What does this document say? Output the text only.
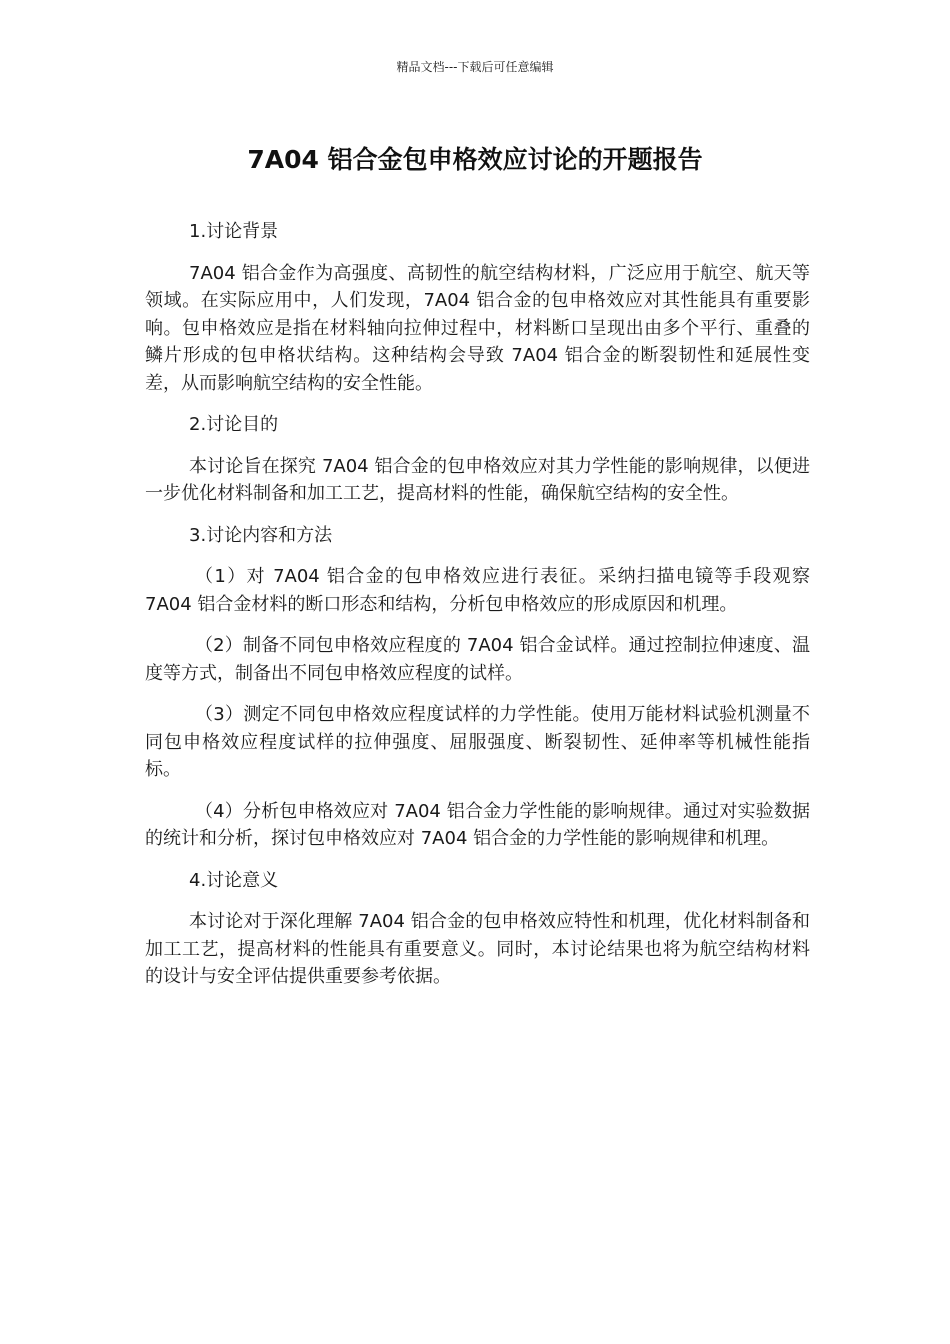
精品文档---下载后可任意编辑
7A04 铝合金包申格效应讨论的开题报告

1.讨论背景

7A04 铝合金作为高强度、高韧性的航空结构材料，广泛应用于航空、航天等领域。在实际应用中，人们发现，7A04 铝合金的包申格效应对其性能具有重要影响。包申格效应是指在材料轴向拉伸过程中，材料断口呈现出由多个平行、重叠的鳞片形成的包申格状结构。这种结构会导致 7A04 铝合金的断裂韧性和延展性变差，从而影响航空结构的安全性能。

2.讨论目的

本讨论旨在探究 7A04 铝合金的包申格效应对其力学性能的影响规律，以便进一步优化材料制备和加工工艺，提高材料的性能，确保航空结构的安全性。

3.讨论内容和方法

（1）对 7A04 铝合金的包申格效应进行表征。采纳扫描电镜等手段观察 7A04 铝合金材料的断口形态和结构，分析包申格效应的形成原因和机理。

（2）制备不同包申格效应程度的 7A04 铝合金试样。通过控制拉伸速度、温度等方式，制备出不同包申格效应程度的试样。

（3）测定不同包申格效应程度试样的力学性能。使用万能材料试验机测量不同包申格效应程度试样的拉伸强度、屈服强度、断裂韧性、延伸率等机械性能指标。

（4）分析包申格效应对 7A04 铝合金力学性能的影响规律。通过对实验数据的统计和分析，探讨包申格效应对 7A04 铝合金的力学性能的影响规律和机理。

4.讨论意义

本讨论对于深化理解 7A04 铝合金的包申格效应特性和机理，优化材料制备和加工工艺，提高材料的性能具有重要意义。同时，本讨论结果也将为航空结构材料的设计与安全评估提供重要参考依据。
